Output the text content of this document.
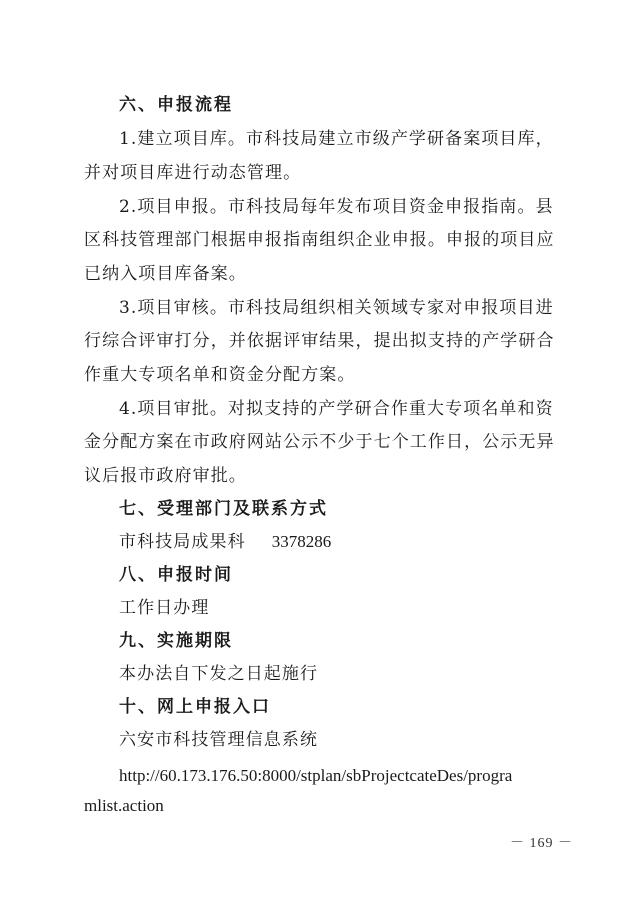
六、申报流程
1.建立项目库。市科技局建立市级产学研备案项目库，
并对项目库进行动态管理。
2.项目申报。市科技局每年发布项目资金申报指南。县
区科技管理部门根据申报指南组织企业申报。申报的项目应
已纳入项目库备案。
3.项目审核。市科技局组织相关领域专家对申报项目进
行综合评审打分，并依据评审结果，提出拟支持的产学研合
作重大专项名单和资金分配方案。
4.项目审批。对拟支持的产学研合作重大专项名单和资
金分配方案在市政府网站公示不少于七个工作日，公示无异
议后报市政府审批。
七、受理部门及联系方式
市科技局成果科 3378286
八、申报时间
工作日办理
九、实施期限
本办法自下发之日起施行
十、网上申报入口
六安市科技管理信息系统
http://60.173.176.50:8000/stplan/sbProjectcateDes/progra
mlist.action
－ 169 －
